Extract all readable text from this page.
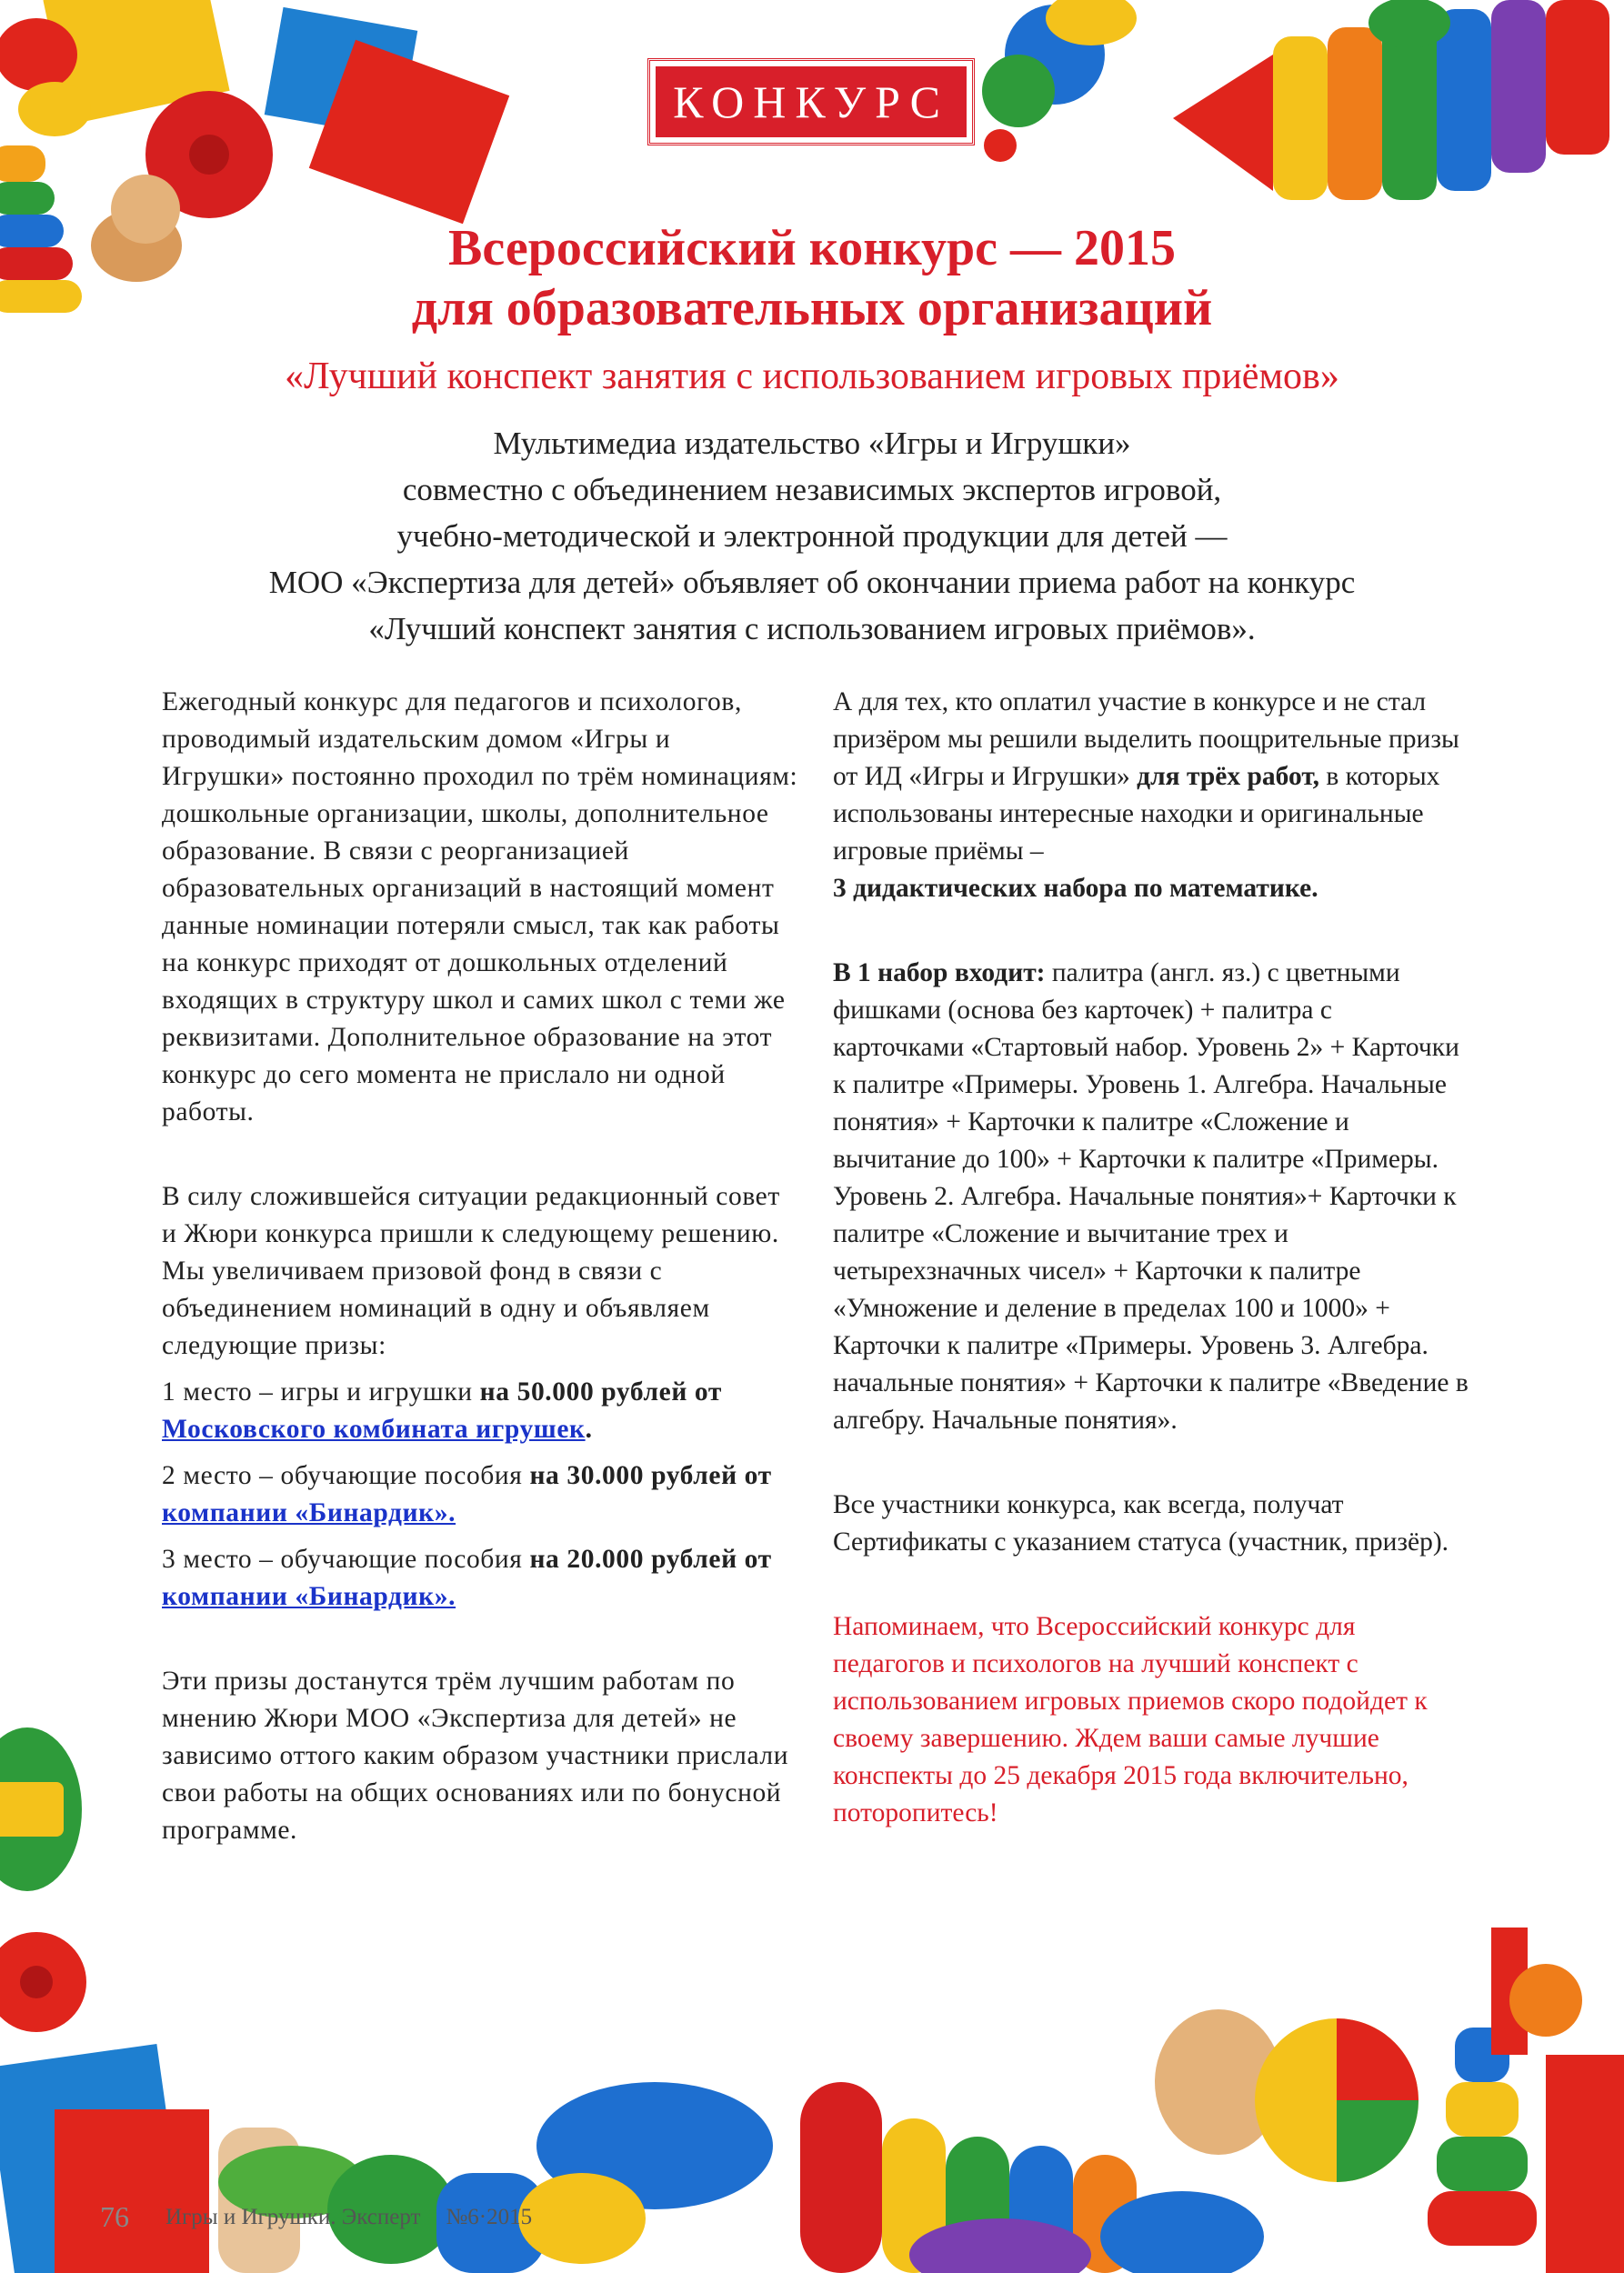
КОНКУРС
Всероссийский конкурс — 2015
для образовательных организаций
«Лучший конспект занятия с использованием игровых приёмов»
Мультимедиа издательство «Игры и Игрушки»
совместно с объединением независимых экспертов игровой,
учебно-методической и электронной продукции для детей —
МОО «Экспертиза для детей» объявляет об окончании приема работ на конкурс
«Лучший конспект занятия с использованием игровых приёмов».

Ежегодный конкурс для педагогов и психологов, проводимый издательским домом «Игры и Игрушки» постоянно проходил по трём номинациям: дошкольные организации, школы, дополнительное образование. В связи с реорганизацией образовательных организаций в настоящий момент данные номинации потеряли смысл, так как работы на конкурс приходят от дошкольных отделений входящих в структуру школ и самих школ с теми же реквизитами. Дополнительное образование на этот конкурс до сего момента не прислало ни одной работы.

В силу сложившейся ситуации редакционный совет и Жюри конкурса пришли к следующему решению. Мы увеличиваем призовой фонд в связи с объединением номинаций в одну и объявляем следующие призы:

1 место – игры и игрушки на 50.000 рублей от Московского комбината игрушек.

2 место – обучающие пособия на 30.000 рублей от компании «Бинардик».

3 место – обучающие пособия на 20.000 рублей от компании «Бинардик».

Эти призы достанутся трём лучшим работам по мнению Жюри МОО «Экспертиза для детей» не зависимо оттого каким образом участники прислали свои работы на общих основаниях или по бонусной программе.

А для тех, кто оплатил участие в конкурсе и не стал призёром мы решили выделить поощрительные призы от ИД «Игры и Игрушки» для трёх работ, в которых использованы интересные находки и оригинальные игровые приёмы –
3 дидактических набора по математике.

В 1 набор входит: палитра (англ. яз.) с цветными фишками (основа без карточек) + палитра с карточками «Стартовый набор. Уровень 2» + Карточки к палитре «Примеры. Уровень 1. Алгебра. Начальные понятия» + Карточки к палитре «Сложение и вычитание до 100» + Карточки к палитре «Примеры. Уровень 2. Алгебра. Начальные понятия»+ Карточки к палитре «Сложение и вычитание трех и четырехзначных чисел» + Карточки к палитре «Умножение и деление в пределах 100 и 1000» + Карточки к палитре «Примеры. Уровень 3. Алгебра. начальные понятия» + Карточки к палитре «Введение в алгебру. Начальные понятия».

Все участники конкурса, как всегда, получат Сертификаты с указанием статуса (участник, призёр).

Напоминаем, что Всероссийский конкурс для педагогов и психологов на лучший конспект с использованием игровых приемов скоро подойдет к своему завершению. Ждем ваши самые лучшие конспекты до 25 декабря 2015 года включительно, поторопитесь!

76 Игры и Игрушки. Эксперт №6·2015
